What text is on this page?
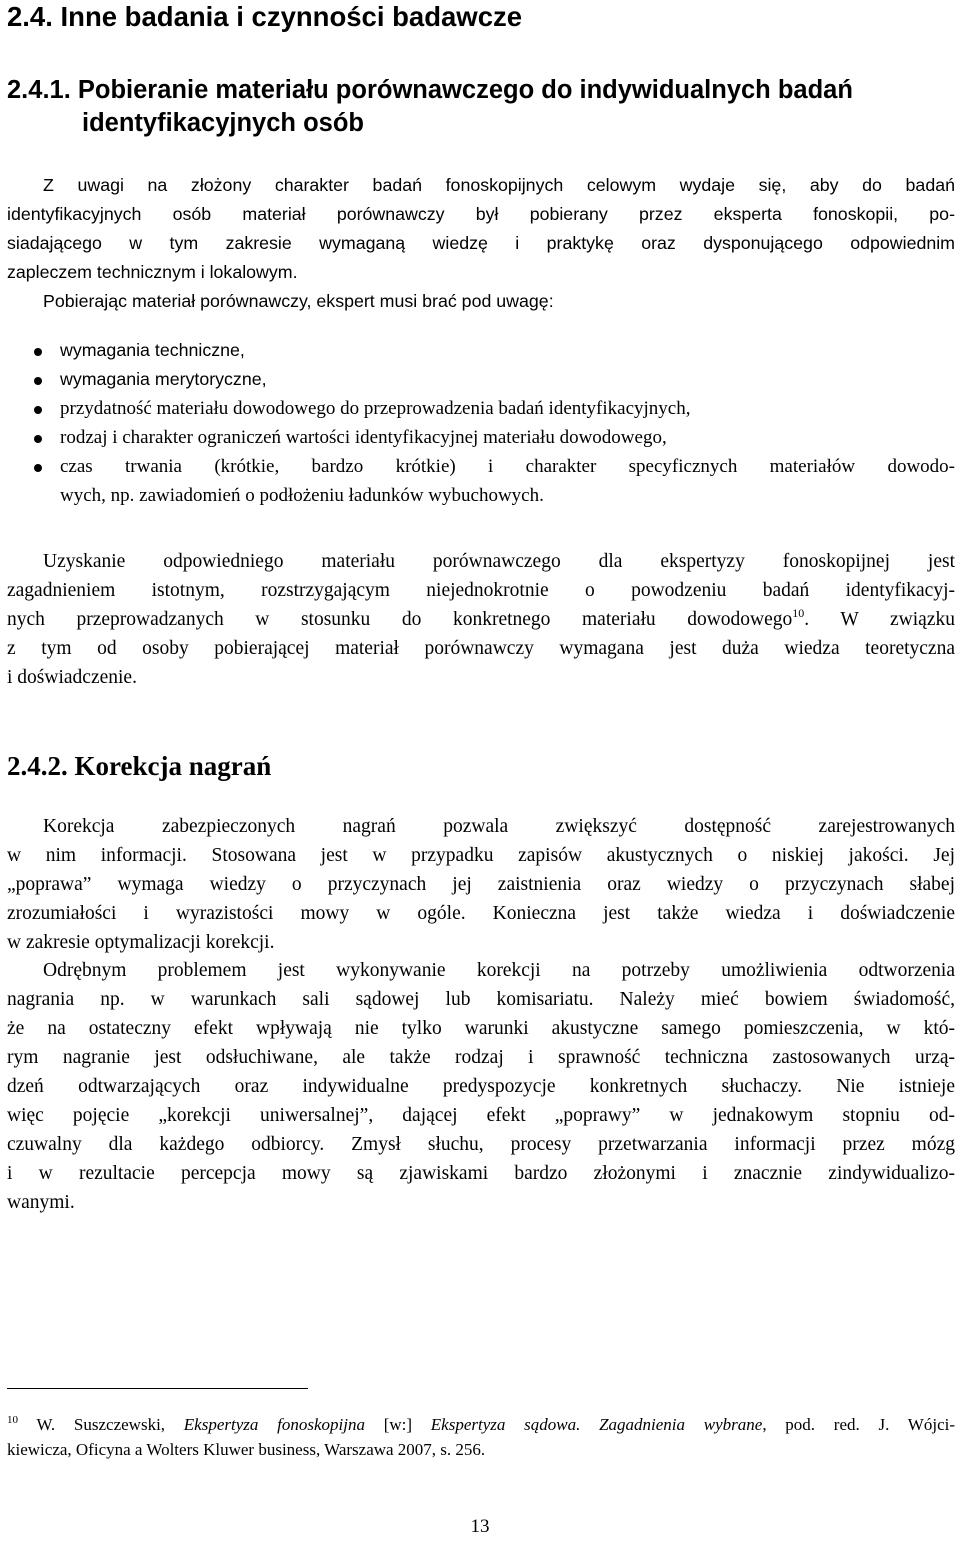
2.4. Inne badania i czynności badawcze
2.4.1. Pobieranie materiału porównawczego do indywidualnych badań
identyfikacyjnych osób

Z uwagi na złożony charakter badań fonoskopijnych celowym wydaje się, aby do badań
identyfikacyjnych osób materiał porównawczy był pobierany przez eksperta fonoskopii, po-
siadającego w tym zakresie wymaganą wiedzę i praktykę oraz dysponującego odpowiednim
zapleczem technicznym i lokalowym.

Pobierając materiał porównawczy, ekspert musi brać pod uwagę:

wymagania techniczne,
wymagania merytoryczne,
przydatność materiału dowodowego do przeprowadzenia badań identyfikacyjnych,
rodzaj i charakter ograniczeń wartości identyfikacyjnej materiału dowodowego,
czas trwania (krótkie, bardzo krótkie) i charakter specyficznych materiałów dowodo-
wych, np. zawiadomień o podłożeniu ładunków wybuchowych.

Uzyskanie odpowiedniego materiału porównawczego dla ekspertyzy fonoskopijnej jest
zagadnieniem istotnym, rozstrzygającym niejednokrotnie o powodzeniu badań identyfikacyj-
nych przeprowadzanych w stosunku do konkretnego materiału dowodowego$^{10}$. W związku
z tym od osoby pobierającej materiał porównawczy wymagana jest duża wiedza teoretyczna
i doświadczenie.

2.4.2. Korekcja nagrań

Korekcja zabezpieczonych nagrań pozwala zwiększyć dostępność zarejestrowanych
w nim informacji. Stosowana jest w przypadku zapisów akustycznych o niskiej jakości. Jej
„poprawa” wymaga wiedzy o przyczynach jej zaistnienia oraz wiedzy o przyczynach słabej
zrozumiałości i wyrazistości mowy w ogóle. Konieczna jest także wiedza i doświadczenie
w zakresie optymalizacji korekcji.

Odrębnym problemem jest wykonywanie korekcji na potrzeby umożliwienia odtworzenia
nagrania np. w warunkach sali sądowej lub komisariatu. Należy mieć bowiem świadomość,
że na ostateczny efekt wpływają nie tylko warunki akustyczne samego pomieszczenia, w któ-
rym nagranie jest odsłuchiwane, ale także rodzaj i sprawność techniczna zastosowanych urzą-
dzeń odtwarzających oraz indywidualne predyspozycje konkretnych słuchaczy. Nie istnieje
więc pojęcie „korekcji uniwersalnej”, dającej efekt „poprawy” w jednakowym stopniu od-
czuwalny dla każdego odbiorcy. Zmysł słuchu, procesy przetwarzania informacji przez mózg
i w rezultacie percepcja mowy są zjawiskami bardzo złożonymi i znacznie zindywidualizo-
wanymi.

$^{10}$ W. Suszczewski, Ekspertyza fonoskopijna [w:] Ekspertyza sądowa. Zagadnienia wybrane, pod. red. J. Wójci-
kiewicza, Oficyna a Wolters Kluwer business, Warszawa 2007, s. 256.

13
